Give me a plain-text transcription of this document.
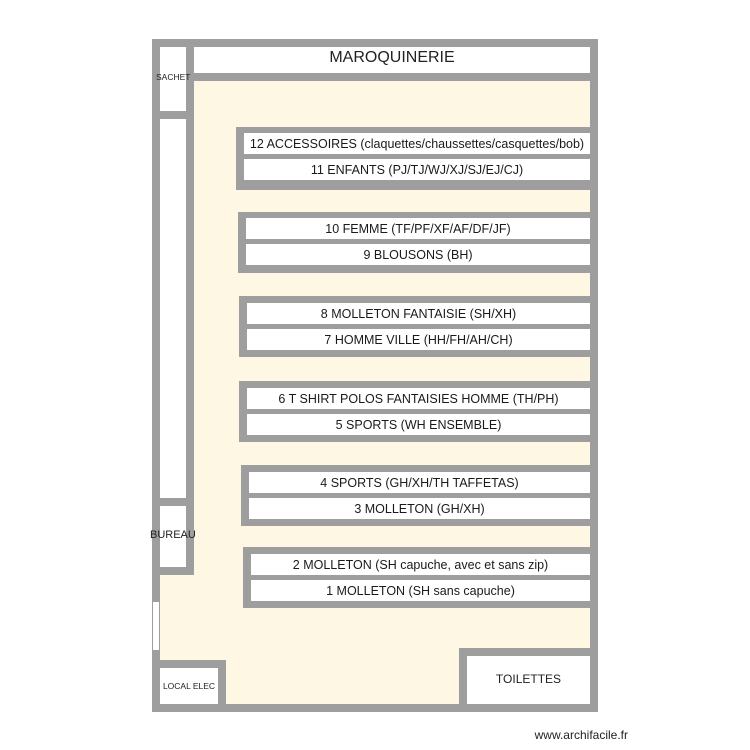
MAROQUINERIE
SACHET
BUREAU
LOCAL ELEC	TOILETTES
12 ACCESSOIRES (claquettes/chaussettes/casquettes/bob)
11 ENFANTS (PJ/TJ/WJ/XJ/SJ/EJ/CJ)
10 FEMME (TF/PF/XF/AF/DF/JF)
9 BLOUSONS (BH)
8 MOLLETON FANTAISIE (SH/XH)
7 HOMME VILLE (HH/FH/AH/CH)
6 T SHIRT POLOS FANTAISIES HOMME (TH/PH)
5 SPORTS (WH ENSEMBLE)
4 SPORTS (GH/XH/TH TAFFETAS)
3 MOLLETON (GH/XH)
2 MOLLETON (SH capuche, avec et sans zip)
1 MOLLETON (SH sans capuche)
www.archifacile.fr
